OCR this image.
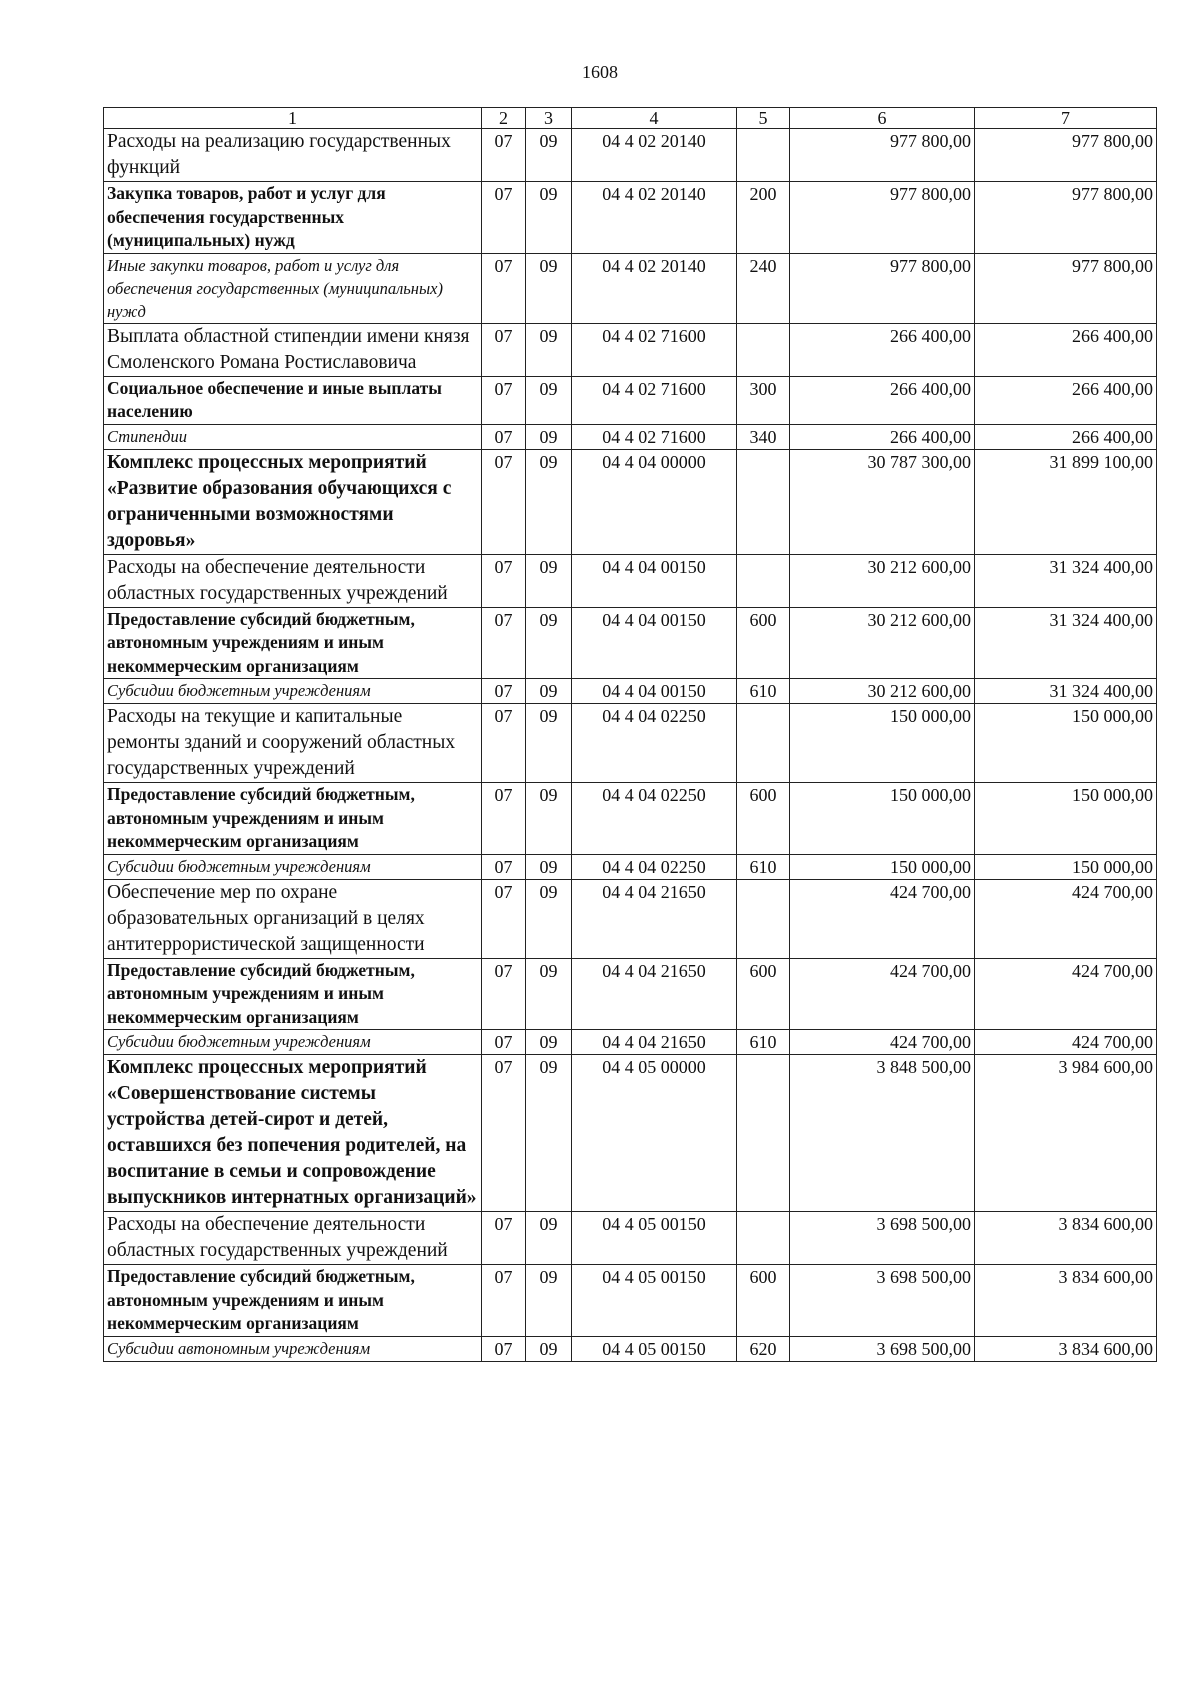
1608
1	2	3	4	5	6	7
Расходы на реализацию государственных функций	07	09	04 4 02 20140		977 800,00	977 800,00
Закупка товаров, работ и услуг для обеспечения государственных (муниципальных) нужд	07	09	04 4 02 20140	200	977 800,00	977 800,00
Иные закупки товаров, работ и услуг для обеспечения государственных (муниципальных) нужд	07	09	04 4 02 20140	240	977 800,00	977 800,00
Выплата областной стипендии имени князя Смоленского Романа Ростиславовича	07	09	04 4 02 71600		266 400,00	266 400,00
Социальное обеспечение и иные выплаты населению	07	09	04 4 02 71600	300	266 400,00	266 400,00
Стипендии	07	09	04 4 02 71600	340	266 400,00	266 400,00
Комплекс процессных мероприятий «Развитие образования обучающихся с ограниченными возможностями здоровья»	07	09	04 4 04 00000		30 787 300,00	31 899 100,00
Расходы на обеспечение деятельности областных государственных учреждений	07	09	04 4 04 00150		30 212 600,00	31 324 400,00
Предоставление субсидий бюджетным, автономным учреждениям и иным некоммерческим организациям	07	09	04 4 04 00150	600	30 212 600,00	31 324 400,00
Субсидии бюджетным учреждениям	07	09	04 4 04 00150	610	30 212 600,00	31 324 400,00
Расходы на текущие и капитальные ремонты зданий и сооружений областных государственных учреждений	07	09	04 4 04 02250		150 000,00	150 000,00
Предоставление субсидий бюджетным, автономным учреждениям и иным некоммерческим организациям	07	09	04 4 04 02250	600	150 000,00	150 000,00
Субсидии бюджетным учреждениям	07	09	04 4 04 02250	610	150 000,00	150 000,00
Обеспечение мер по охране образовательных организаций в целях антитеррористической защищенности	07	09	04 4 04 21650		424 700,00	424 700,00
Предоставление субсидий бюджетным, автономным учреждениям и иным некоммерческим организациям	07	09	04 4 04 21650	600	424 700,00	424 700,00
Субсидии бюджетным учреждениям	07	09	04 4 04 21650	610	424 700,00	424 700,00
Комплекс процессных мероприятий «Совершенствование системы устройства детей-сирот и детей, оставшихся без попечения родителей, на воспитание в семьи и сопровождение выпускников интернатных организаций»	07	09	04 4 05 00000		3 848 500,00	3 984 600,00
Расходы на обеспечение деятельности областных государственных учреждений	07	09	04 4 05 00150		3 698 500,00	3 834 600,00
Предоставление субсидий бюджетным, автономным учреждениям и иным некоммерческим организациям	07	09	04 4 05 00150	600	3 698 500,00	3 834 600,00
Субсидии автономным учреждениям	07	09	04 4 05 00150	620	3 698 500,00	3 834 600,00
